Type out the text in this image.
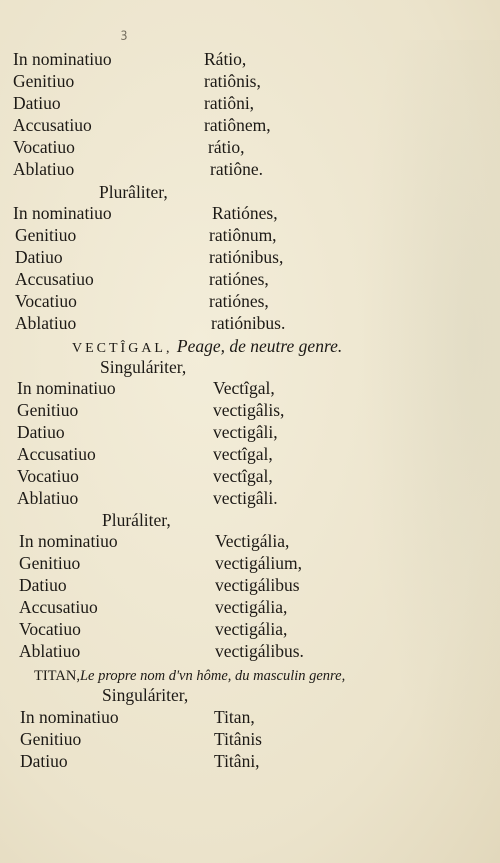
ꝫ
In nominatiuo	Rátio,
Genitiuo	ratiônis,
Datiuo	ratiôni,
Accusatiuo	ratiônem,
Vocatiuo	rátio,
Ablatiuo	ratiône.
Plurâliter,
In nominatiuo	Ratiónes,
Genitiuo	ratiônum,
Datiuo	ratiónibus,
Accusatiuo	ratiónes,
Vocatiuo	ratiónes,
Ablatiuo	ratiónibus.
VECTÎGAL, Peage, de neutre genre.
Singuláriter,
In nominatiuo	Vectîgal,
Genitiuo	vectigâlis,
Datiuo	vectigâli,
Accusatiuo	vectîgal,
Vocatiuo	vectîgal,
Ablatiuo	vectigâli.
Pluráliter,
In nominatiuo	Vectigália,
Genitiuo	vectigálium,
Datiuo	vectigálibus
Accusatiuo	vectigália,
Vocatiuo	vectigália,
Ablatiuo	vectigálibus.
TITAN,Le propre nom d'vn hôme, du masculin genre,
Singuláriter,
In nominatiuo	Titan,
Genitiuo	Titânis
Datiuo	Titâni,
